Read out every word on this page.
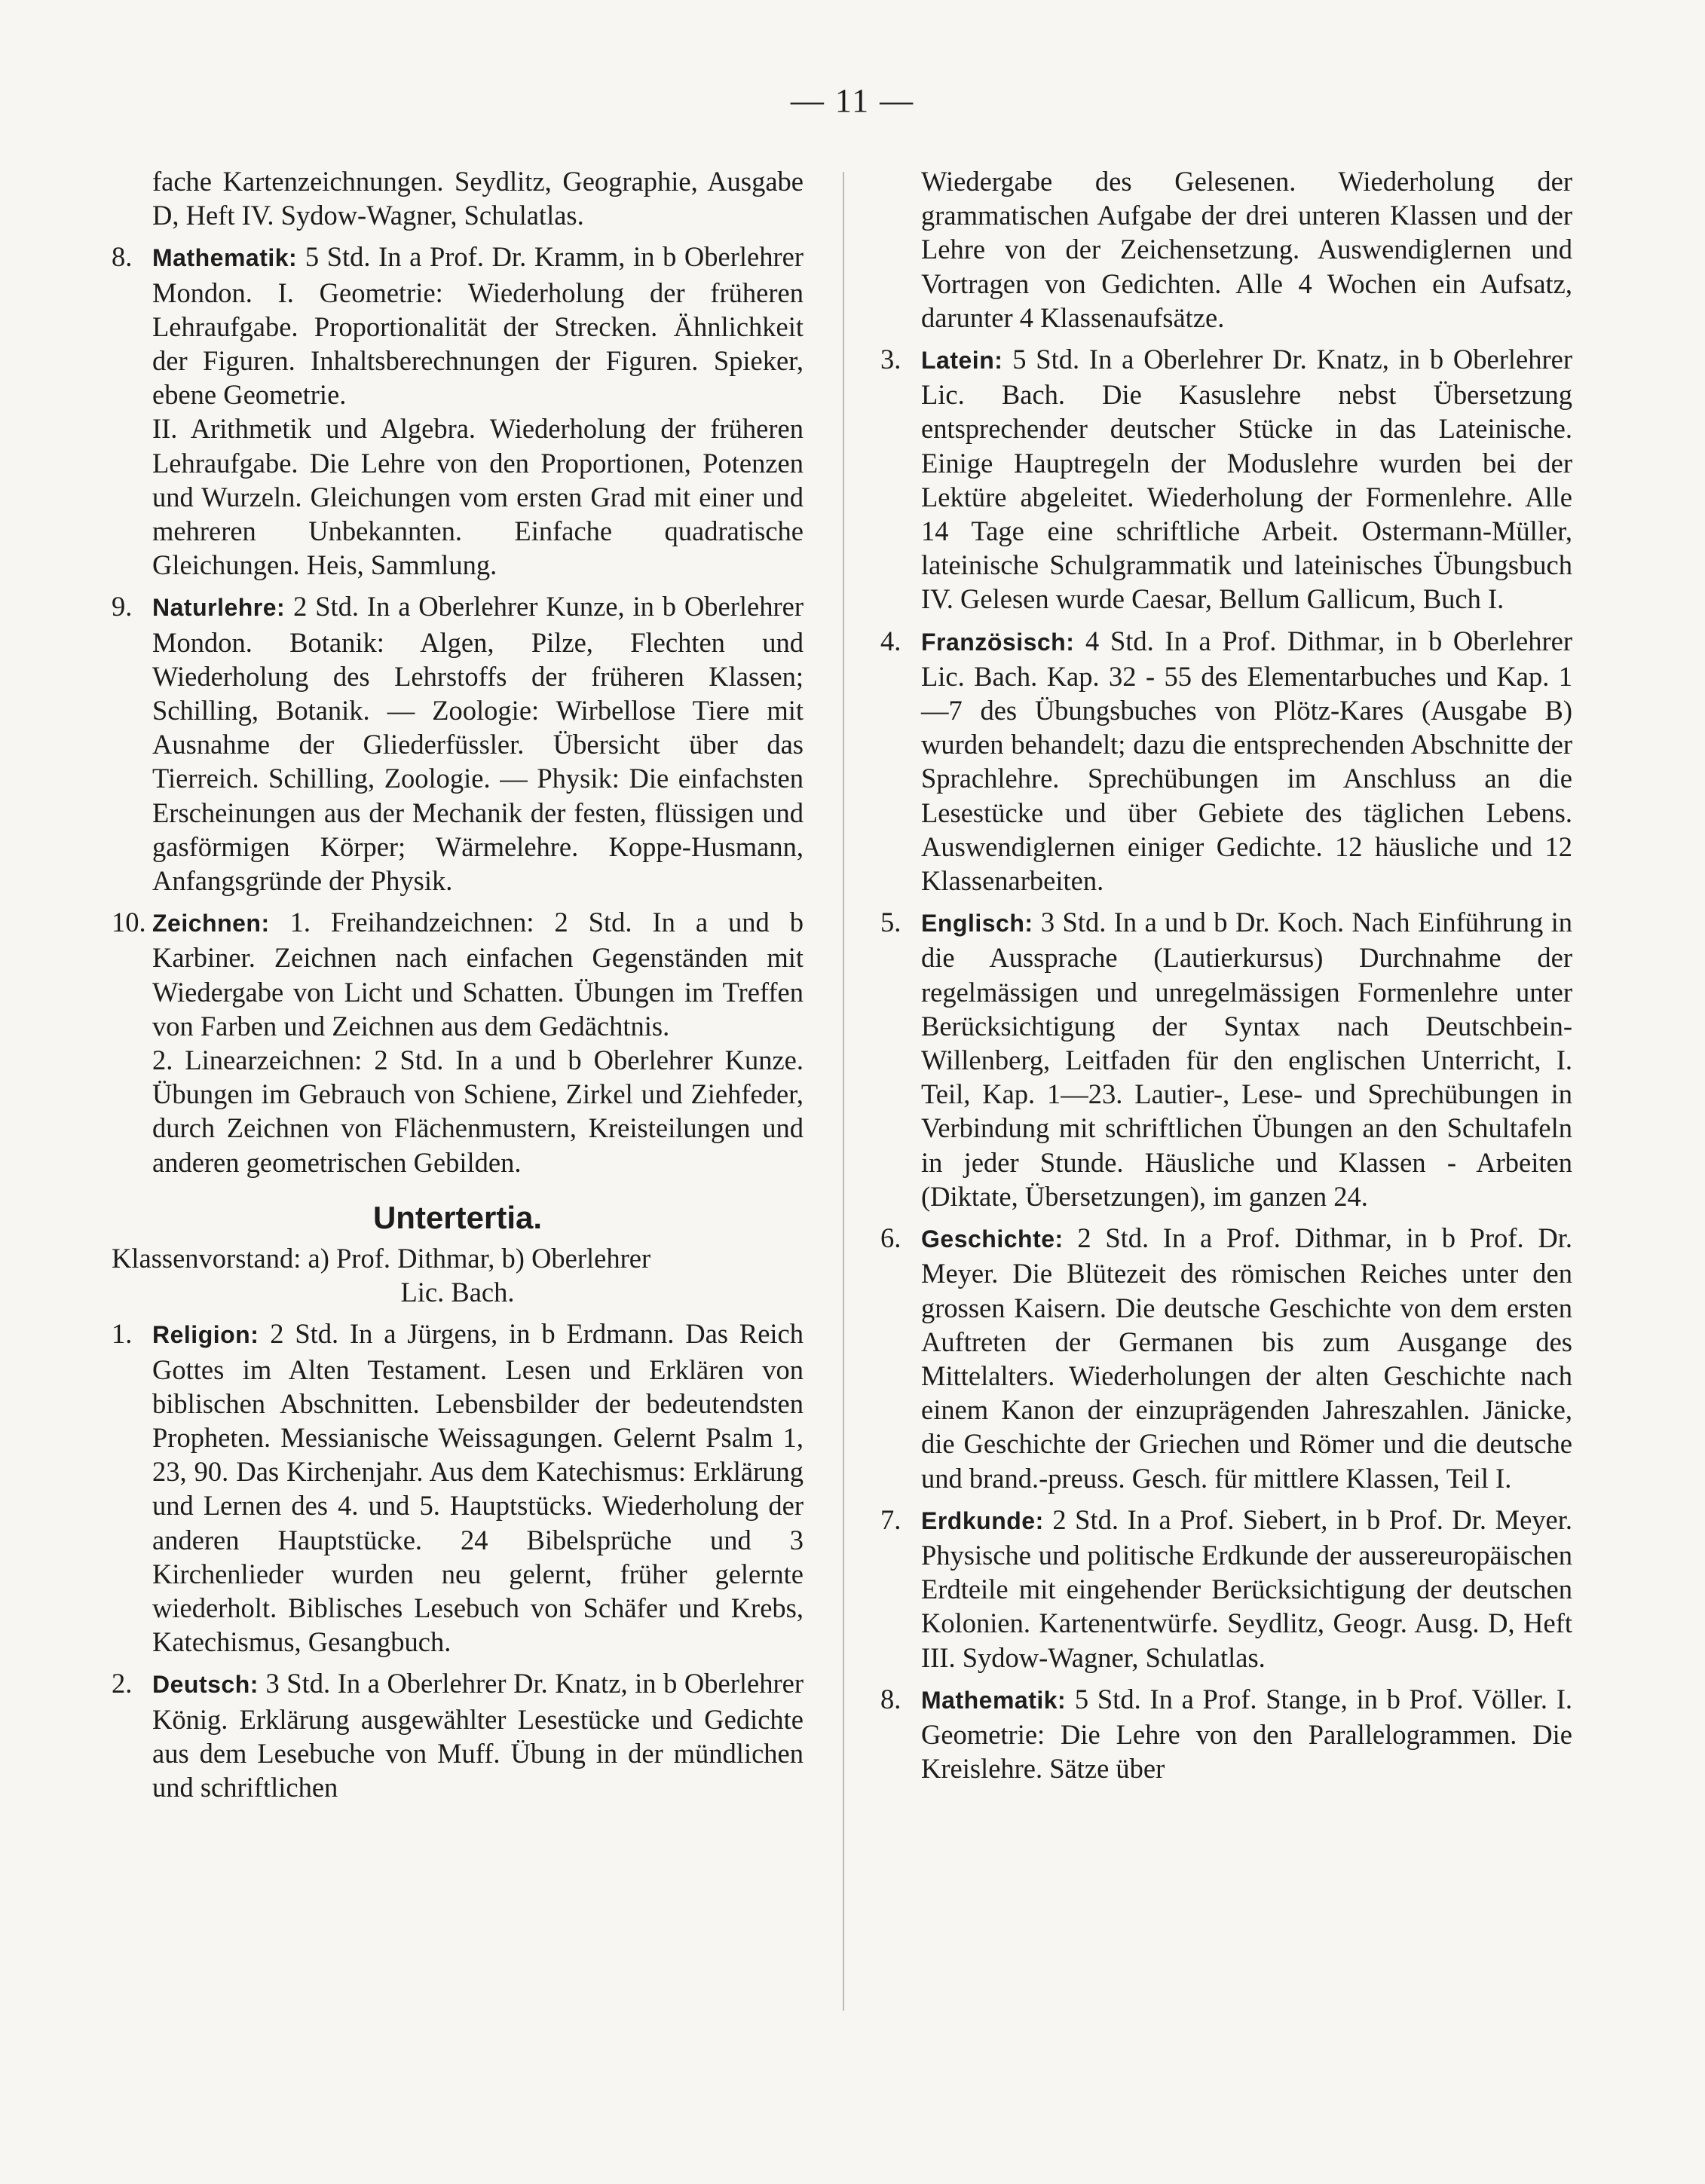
— 11 —

fache Kartenzeichnungen. Seydlitz, Geographie, Ausgabe D, Heft IV. Sydow-Wagner, Schulatlas.

8. Mathematik: 5 Std. In a Prof. Dr. Kramm, in b Oberlehrer Mondon. I. Geometrie: Wiederholung der früheren Lehraufgabe. Proportionalität der Strecken. Ähnlichkeit der Figuren. Inhaltsberechnungen der Figuren. Spieker, ebene Geometrie.

II. Arithmetik und Algebra. Wiederholung der früheren Lehraufgabe. Die Lehre von den Proportionen, Potenzen und Wurzeln. Gleichungen vom ersten Grad mit einer und mehreren Unbekannten. Einfache quadratische Gleichungen. Heis, Sammlung.

9. Naturlehre: 2 Std. In a Oberlehrer Kunze, in b Oberlehrer Mondon. Botanik: Algen, Pilze, Flechten und Wiederholung des Lehrstoffs der früheren Klassen; Schilling, Botanik. — Zoologie: Wirbellose Tiere mit Ausnahme der Gliederfüssler. Übersicht über das Tierreich. Schilling, Zoologie. — Physik: Die einfachsten Erscheinungen aus der Mechanik der festen, flüssigen und gasförmigen Körper; Wärmelehre. Koppe-Husmann, Anfangsgründe der Physik.
10. Zeichnen: 1. Freihandzeichnen: 2 Std. In a und b Karbiner. Zeichnen nach einfachen Gegenständen mit Wiedergabe von Licht und Schatten. Übungen im Treffen von Farben und Zeichnen aus dem Gedächtnis.

2. Linearzeichnen: 2 Std. In a und b Oberlehrer Kunze. Übungen im Gebrauch von Schiene, Zirkel und Ziehfeder, durch Zeichnen von Flächenmustern, Kreisteilungen und anderen geometrischen Gebilden.

Untertertia.

Klassenvorstand: a) Prof. Dithmar, b) Oberlehrer

Lic. Bach.

1. Religion: 2 Std. In a Jürgens, in b Erdmann. Das Reich Gottes im Alten Testament. Lesen und Erklären von biblischen Abschnitten. Lebensbilder der bedeutendsten Propheten. Messianische Weissagungen. Gelernt Psalm 1, 23, 90. Das Kirchenjahr. Aus dem Katechismus: Erklärung und Lernen des 4. und 5. Hauptstücks. Wiederholung der anderen Hauptstücke. 24 Bibelsprüche und 3 Kirchenlieder wurden neu gelernt, früher gelernte wiederholt. Biblisches Lesebuch von Schäfer und Krebs, Katechismus, Gesangbuch.
2. Deutsch: 3 Std. In a Oberlehrer Dr. Knatz, in b Oberlehrer König. Erklärung ausgewählter Lesestücke und Gedichte aus dem Lesebuche von Muff. Übung in der mündlichen und schriftlichen

Wiedergabe des Gelesenen. Wiederholung der grammatischen Aufgabe der drei unteren Klassen und der Lehre von der Zeichensetzung. Auswendiglernen und Vortragen von Gedichten. Alle 4 Wochen ein Aufsatz, darunter 4 Klassenaufsätze.

3. Latein: 5 Std. In a Oberlehrer Dr. Knatz, in b Oberlehrer Lic. Bach. Die Kasuslehre nebst Übersetzung entsprechender deutscher Stücke in das Lateinische. Einige Hauptregeln der Moduslehre wurden bei der Lektüre abgeleitet. Wiederholung der Formenlehre. Alle 14 Tage eine schriftliche Arbeit. Ostermann-Müller, lateinische Schulgrammatik und lateinisches Übungsbuch IV. Gelesen wurde Caesar, Bellum Gallicum, Buch I.
4. Französisch: 4 Std. In a Prof. Dithmar, in b Oberlehrer Lic. Bach. Kap. 32 - 55 des Elementarbuches und Kap. 1—7 des Übungsbuches von Plötz-Kares (Ausgabe B) wurden behandelt; dazu die entsprechenden Abschnitte der Sprachlehre. Sprechübungen im Anschluss an die Lesestücke und über Gebiete des täglichen Lebens. Auswendiglernen einiger Gedichte. 12 häusliche und 12 Klassenarbeiten.
5. Englisch: 3 Std. In a und b Dr. Koch. Nach Einführung in die Aussprache (Lautierkursus) Durchnahme der regelmässigen und unregelmässigen Formenlehre unter Berücksichtigung der Syntax nach Deutschbein-Willenberg, Leitfaden für den englischen Unterricht, I. Teil, Kap. 1—23. Lautier-, Lese- und Sprechübungen in Verbindung mit schriftlichen Übungen an den Schultafeln in jeder Stunde. Häusliche und Klassen - Arbeiten (Diktate, Übersetzungen), im ganzen 24.
6. Geschichte: 2 Std. In a Prof. Dithmar, in b Prof. Dr. Meyer. Die Blütezeit des römischen Reiches unter den grossen Kaisern. Die deutsche Geschichte von dem ersten Auftreten der Germanen bis zum Ausgange des Mittelalters. Wiederholungen der alten Geschichte nach einem Kanon der einzuprägenden Jahreszahlen. Jänicke, die Geschichte der Griechen und Römer und die deutsche und brand.-preuss. Gesch. für mittlere Klassen, Teil I.
7. Erdkunde: 2 Std. In a Prof. Siebert, in b Prof. Dr. Meyer. Physische und politische Erdkunde der aussereuropäischen Erdteile mit eingehender Berücksichtigung der deutschen Kolonien. Kartenentwürfe. Seydlitz, Geogr. Ausg. D, Heft III. Sydow-Wagner, Schulatlas.
8. Mathematik: 5 Std. In a Prof. Stange, in b Prof. Völler. I. Geometrie: Die Lehre von den Parallelogrammen. Die Kreislehre. Sätze über
